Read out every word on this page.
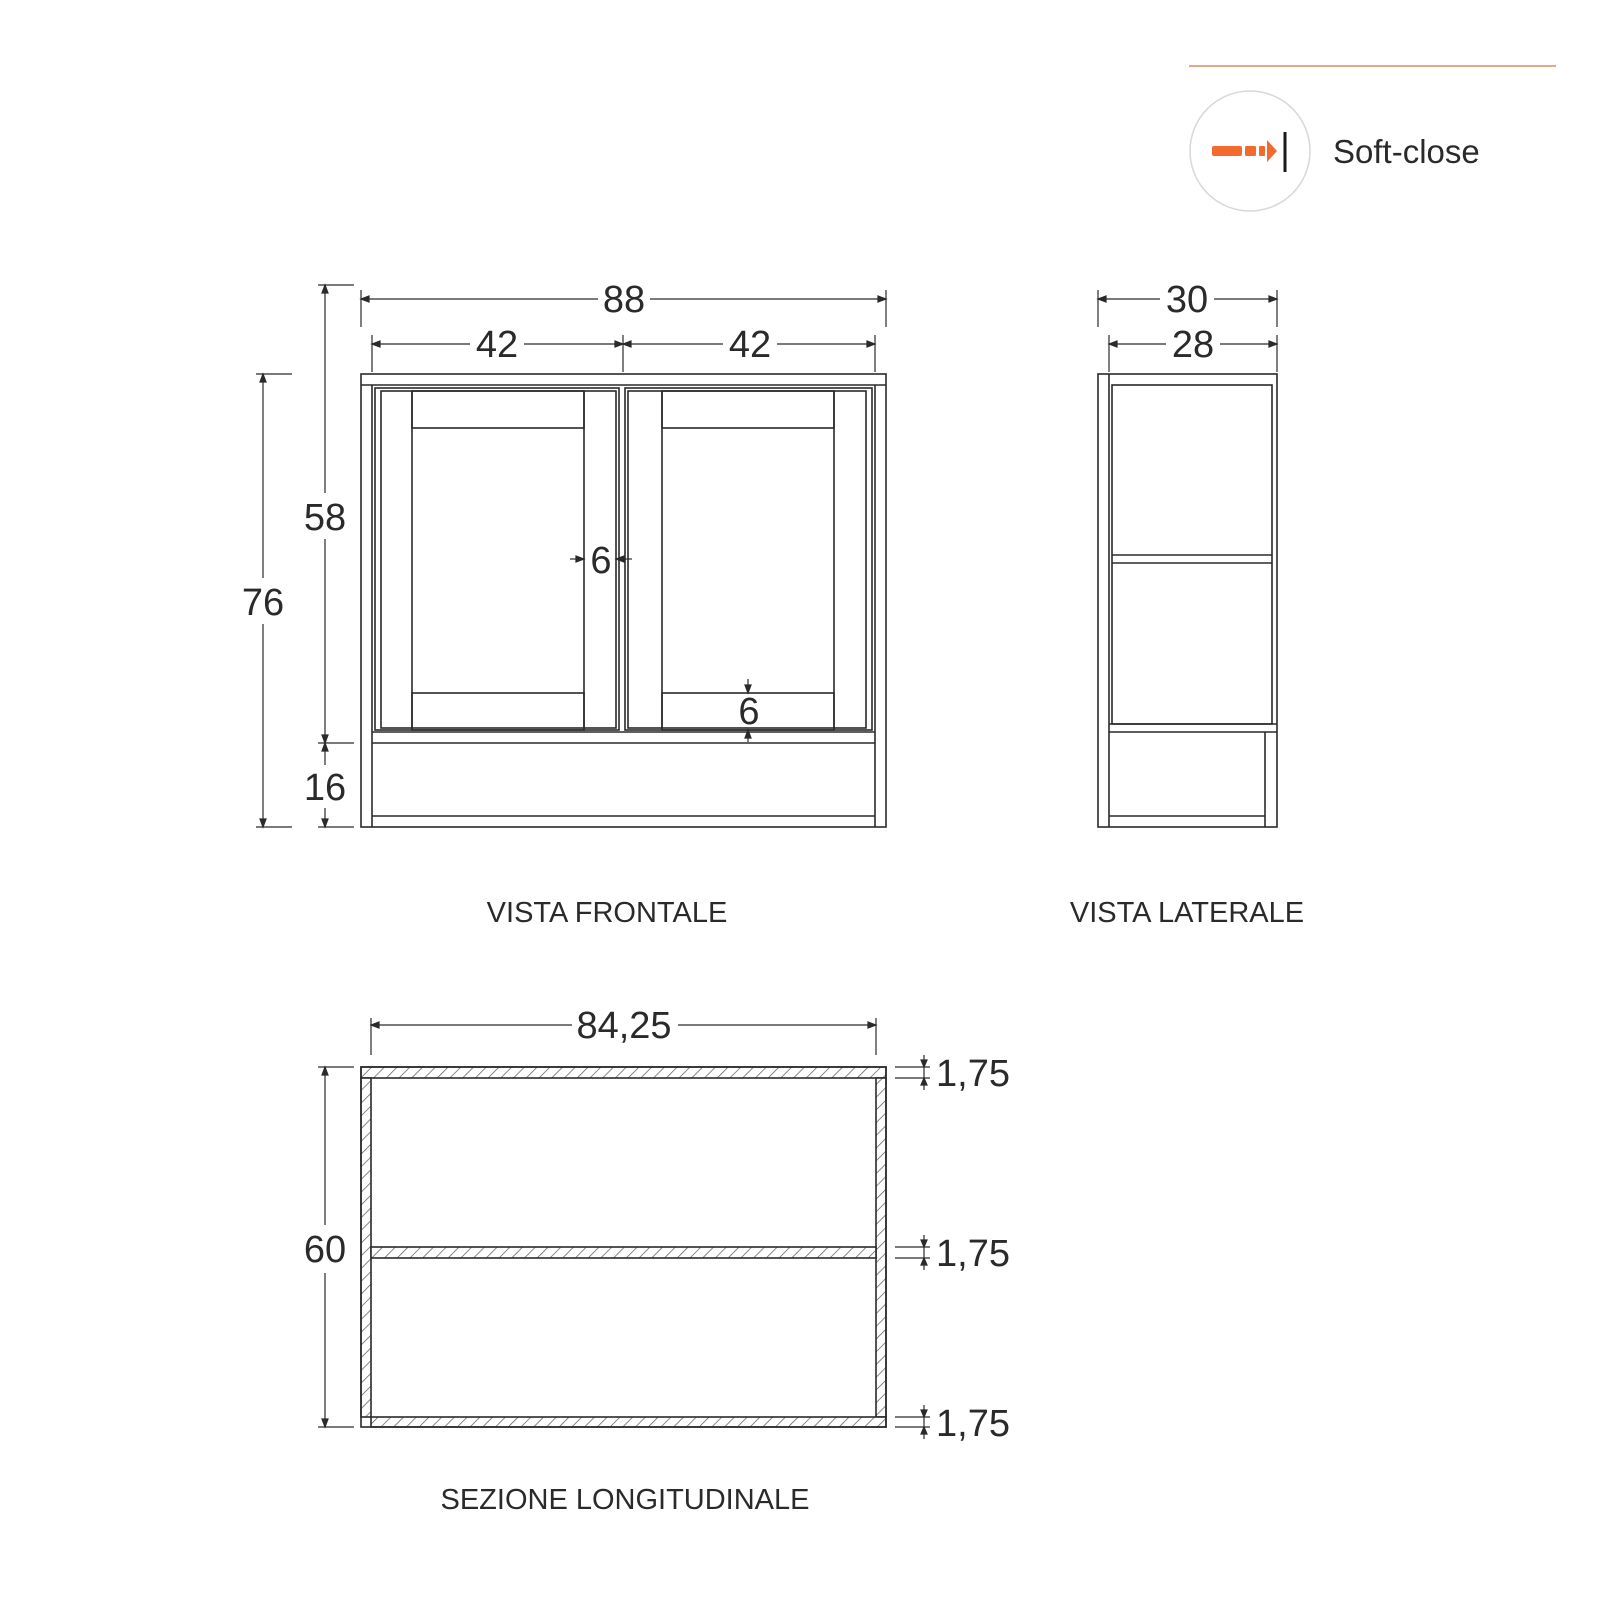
Soft-close
88
42	42
76
58
16
6
6
VISTA FRONTALE
30
28
VISTA LATERALE
84,25
60
1,75
1,75
1,75
SEZIONE LONGITUDINALE
